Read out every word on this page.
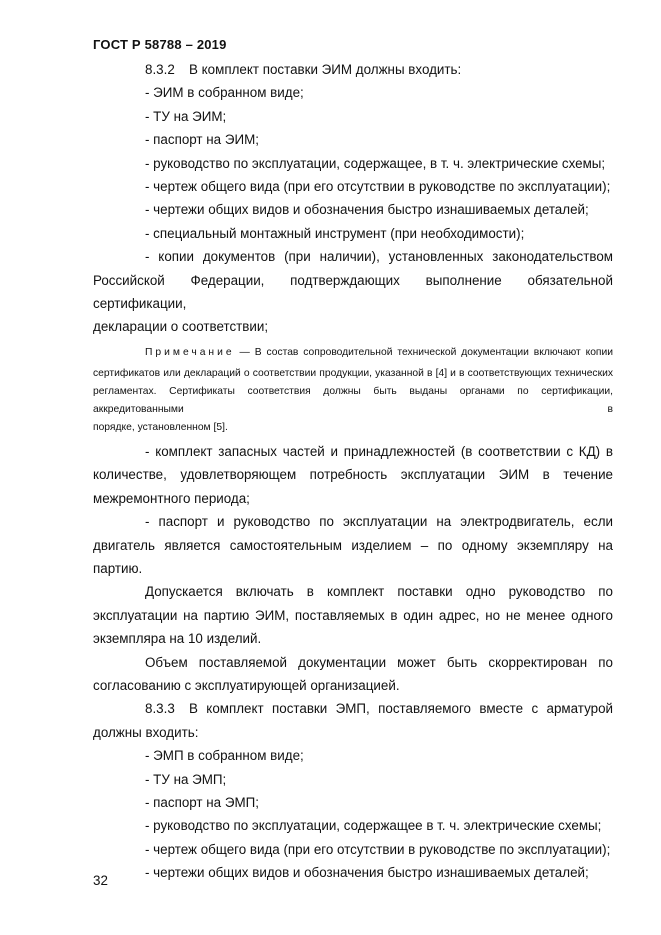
ГОСТ Р 58788 – 2019

8.3.2 В комплект поставки ЭИМ должны входить:

- ЭИМ в собранном виде;

- ТУ на ЭИМ;

- паспорт на ЭИМ;

- руководство по эксплуатации, содержащее, в т. ч. электрические схемы;

- чертеж общего вида (при его отсутствии в руководстве по эксплуатации);

- чертежи общих видов и обозначения быстро изнашиваемых деталей;

- специальный монтажный инструмент (при необходимости);

- копии документов (при наличии), установленных законодательством

Российской Федерации, подтверждающих выполнение обязательной сертификации,

декларации о соответствии;

Примечание — В состав сопроводительной технической документации включают копии

сертификатов или деклараций о соответствии продукции, указанной в [4] и в соответствующих технических

регламентах. Сертификаты соответствия должны быть выданы органами по сертификации, аккредитованными в

порядке, установленном [5].

- комплект запасных частей и принадлежностей (в соответствии с КД) в

количестве, удовлетворяющем потребность эксплуатации ЭИМ в течение

межремонтного периода;

- паспорт и руководство по эксплуатации на электродвигатель, если

двигатель является самостоятельным изделием – по одному экземпляру на

партию.

Допускается включать в комплект поставки одно руководство по

эксплуатации на партию ЭИМ, поставляемых в один адрес, но не менее одного

экземпляра на 10 изделий.

Объем поставляемой документации может быть скорректирован по

согласованию с эксплуатирующей организацией.

8.3.3 В комплект поставки ЭМП, поставляемого вместе с арматурой

должны входить:

- ЭМП в собранном виде;

- ТУ на ЭМП;

- паспорт на ЭМП;

- руководство по эксплуатации, содержащее в т. ч. электрические схемы;

- чертеж общего вида (при его отсутствии в руководстве по эксплуатации);

- чертежи общих видов и обозначения быстро изнашиваемых деталей;

32
